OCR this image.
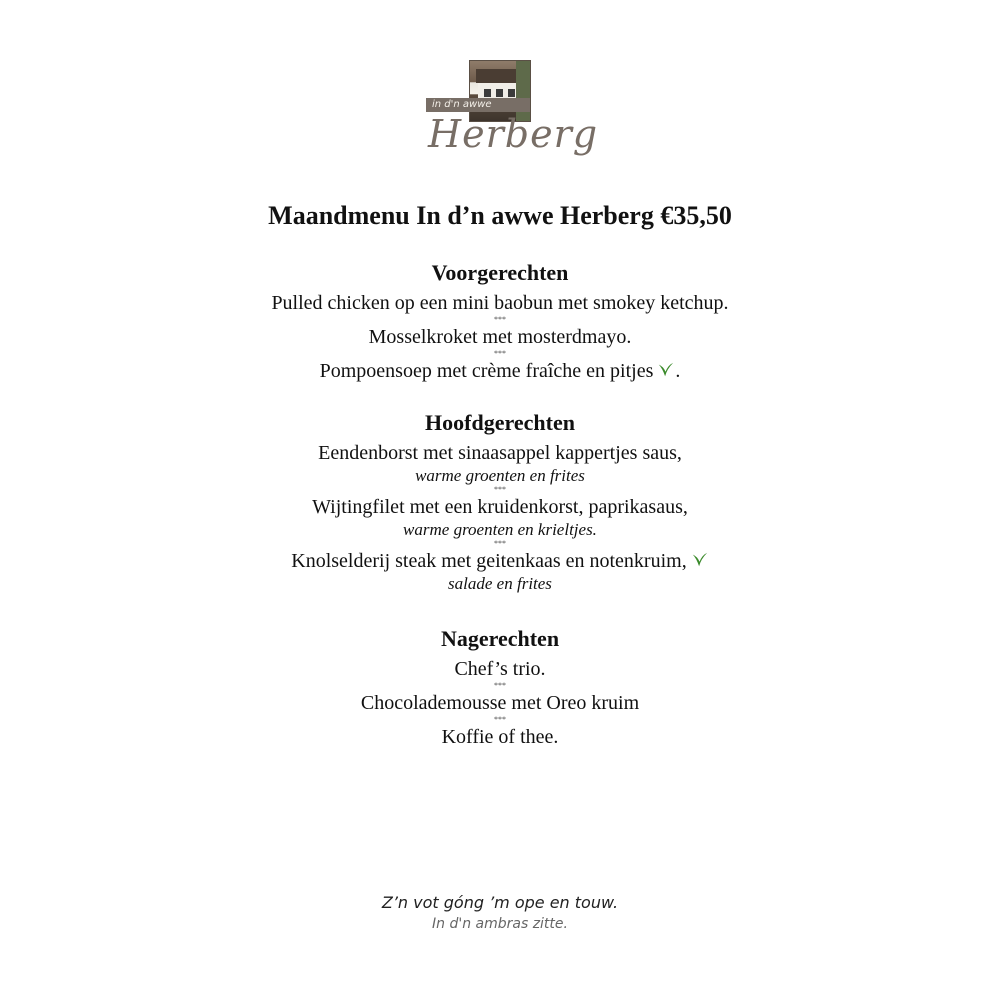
in d'n awwe
Herberg
Maandmenu In d’n awwe Herberg €35,50

Voorgerechten

Pulled chicken op een mini baobun met smokey ketchup.

***

Mosselkroket met mosterdmayo.

***

Pompoensoep met crème fraîche en pitjes .

Hoofdgerechten

Eendenborst met sinaasappel kappertjes saus,

warme groenten en frites

***

Wijtingfilet met een kruidenkorst, paprikasaus,

warme groenten en krieltjes.

***

Knolselderij steak met geitenkaas en notenkruim,

salade en frites

Nagerechten

Chef’s trio.

***

Chocolademousse met Oreo kruim

***

Koffie of thee.

Z’n vot góng ’m ope en touw.

In d'n ambras zitte.
